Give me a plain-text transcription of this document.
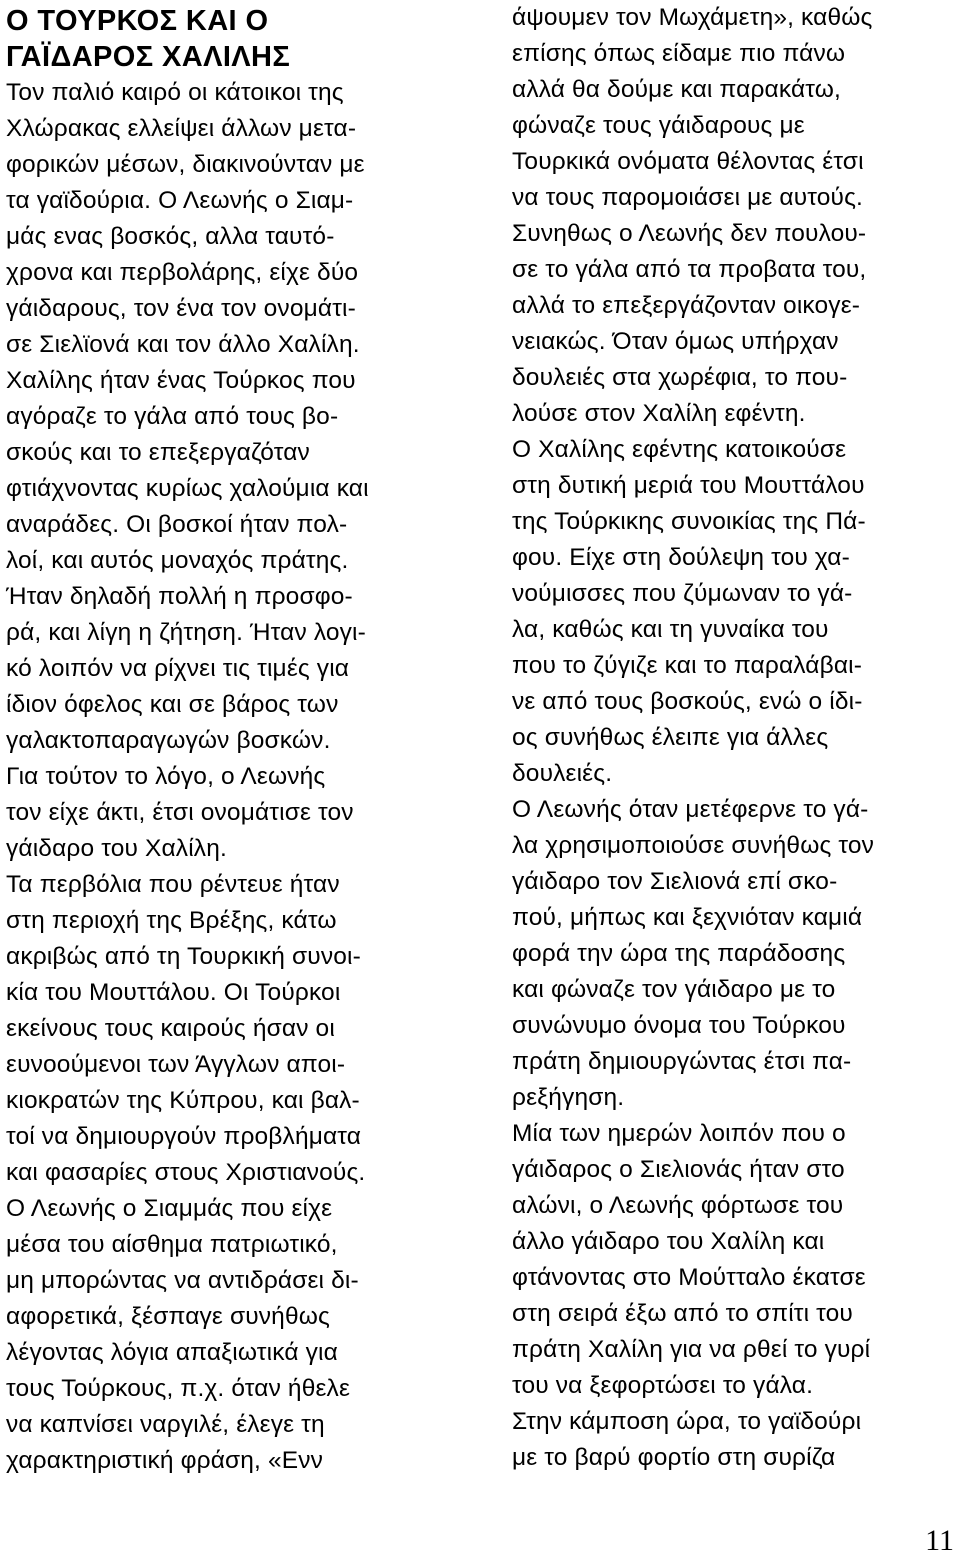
Ο ΤΟΥΡΚΟΣ ΚΑΙ Ο

ΓΑΪΔΑΡΟΣ ΧΑΛΙΛΗΣ

Τον παλιό καιρό οι κάτοικοι της

Χλώρακας ελλείψει άλλων μετα-

φορικών μέσων, διακινούνταν με

τα γαϊδούρια. Ο Λεωνής ο Σιαμ-

μάς ενας βοσκός, αλλα ταυτό-

χρονα και περβολάρης, είχε δύο

γάιδαρους, τον ένα τον ονομάτι-

σε Σιελϊονά και τον άλλο Χαλίλη.

Χαλίλης ήταν ένας Τούρκος που

αγόραζε το γάλα από τους βο-

σκούς και το επεξεργαζόταν

φτιάχνοντας κυρίως χαλούμια και

αναράδες. Οι βοσκοί ήταν πολ-

λοί, και αυτός μοναχός πράτης.

Ήταν δηλαδή πολλή η προσφο-

ρά, και λίγη η ζήτηση. Ήταν λογι-

κό λοιπόν να ρίχνει τις τιμές για

ίδιον όφελος και σε βάρος των

γαλακτοπαραγωγών βοσκών.

Για τούτον το λόγο, ο Λεωνής

τον είχε άκτι, έτσι ονομάτισε τον

γάιδαρο του Χαλίλη.

Τα περβόλια που ρέντευε ήταν

στη περιοχή της Βρέξης, κάτω

ακριβώς από τη Τουρκική συνοι-

κία του Μουττάλου. Οι Τούρκοι

εκείνους τους καιρούς ήσαν οι

ευνοούμενοι των Άγγλων αποι-

κιοκρατών της Κύπρου, και βαλ-

τοί να δημιουργούν προβλήματα

και φασαρίες στους Χριστιανούς.

Ο Λεωνής ο Σιαμμάς που είχε

μέσα του αίσθημα πατριωτικό,

μη μπορώντας να αντιδράσει δι-

αφορετικά, ξέσπαγε συνήθως

λέγοντας λόγια απαξιωτικά για

τους Τούρκους, π.χ. όταν ήθελε

να καπνίσει ναργιλέ, έλεγε τη

χαρακτηριστική φράση, «Ενν

άψουμεν τον Μωχάμετη», καθώς

επίσης όπως είδαμε πιο πάνω

αλλά θα δούμε και παρακάτω,

φώναζε τους γάιδαρους με

Τουρκικά ονόματα θέλοντας έτσι

να τους παρομοιάσει με αυτούς.

Συνηθως ο Λεωνής δεν πουλου-

σε το γάλα από τα προβατα του,

αλλά το επεξεργάζονταν οικογε-

νειακώς. Όταν όμως υπήρχαν

δουλειές στα χωρέφια, το που-

λούσε στον Χαλίλη εφέντη.

Ο Χαλίλης εφέντης κατοικούσε

στη δυτική μεριά του Μουττάλου

της Τούρκικης συνοικίας της Πά-

φου. Είχε στη δούλεψη του χα-

νούμισσες που ζύμωναν το γά-

λα, καθώς και τη γυναίκα του

που το ζύγιζε και το παραλάβαι-

νε από τους βοσκούς, ενώ ο ίδι-

ος συνήθως έλειπε για άλλες

δουλειές.

Ο Λεωνής όταν μετέφερνε το γά-

λα χρησιμοποιούσε συνήθως τον

γάιδαρο τον Σιελιονά επί σκο-

πού, μήπως και ξεχνιόταν καμιά

φορά την ώρα της παράδοσης

και φώναζε τον γάιδαρο με το

συνώνυμο όνομα του Τούρκου

πράτη δημιουργώντας έτσι πα-

ρεξήγηση.

Μία των ημερών λοιπόν που ο

γάιδαρος ο Σιελιονάς ήταν στο

αλώνι, ο Λεωνής φόρτωσε του

άλλο γάιδαρο του Χαλίλη και

φτάνοντας στο Μούτταλο έκατσε

στη σειρά έξω από το σπίτι του

πράτη Χαλίλη για να ρθεί το γυρί

του να ξεφορτώσει το γάλα.

Στην κάμποση ώρα, το γαϊδούρι

με το βαρύ φορτίο στη συρίζα

11
